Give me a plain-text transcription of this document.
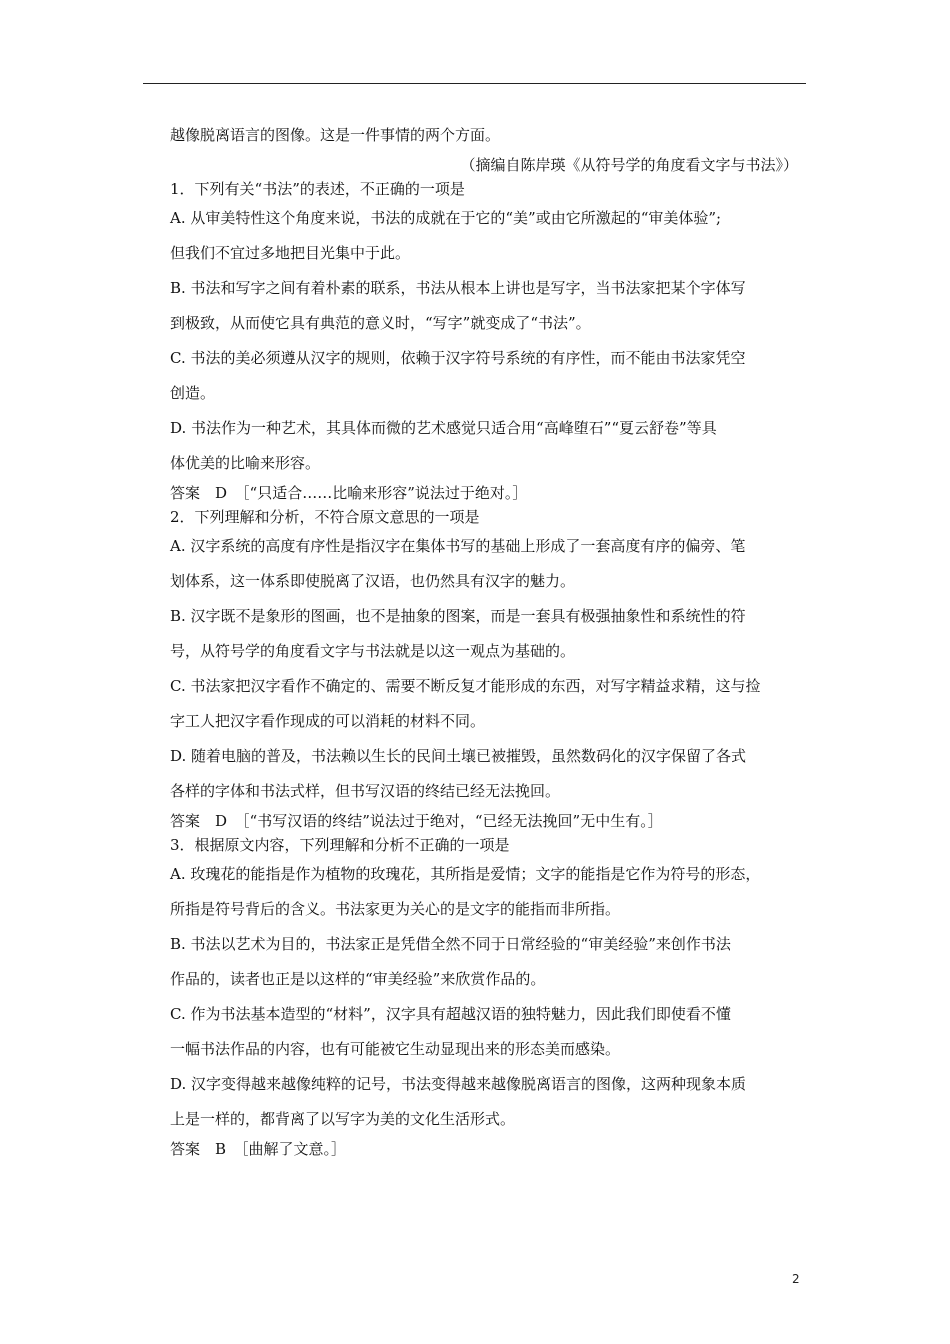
越像脱离语言的图像。这是一件事情的两个方面。
（摘编自陈岸瑛《从符号学的角度看文字与书法》）
1．下列有关“书法”的表述，不正确的一项是
A. 从审美特性这个角度来说，书法的成就在于它的“美”或由它所激起的“审美体验”;
但我们不宜过多地把目光集中于此。
B. 书法和写字之间有着朴素的联系，书法从根本上讲也是写字，当书法家把某个字体写
到极致，从而使它具有典范的意义时，“写字”就变成了“书法”。
C. 书法的美必须遵从汉字的规则，依赖于汉字符号系统的有序性，而不能由书法家凭空
创造。
D. 书法作为一种艺术，其具体而微的艺术感觉只适合用“高峰堕石”“夏云舒卷”等具
体优美的比喻来形容。
答案　D　［“只适合……比喻来形容”说法过于绝对。］
2．下列理解和分析，不符合原文意思的一项是
A. 汉字系统的高度有序性是指汉字在集体书写的基础上形成了一套高度有序的偏旁、笔
划体系，这一体系即使脱离了汉语，也仍然具有汉字的魅力。
B. 汉字既不是象形的图画，也不是抽象的图案，而是一套具有极强抽象性和系统性的符
号，从符号学的角度看文字与书法就是以这一观点为基础的。
C. 书法家把汉字看作不确定的、需要不断反复才能形成的东西，对写字精益求精，这与捡
字工人把汉字看作现成的可以消耗的材料不同。
D. 随着电脑的普及，书法赖以生长的民间土壤已被摧毁，虽然数码化的汉字保留了各式
各样的字体和书法式样，但书写汉语的终结已经无法挽回。
答案　D　［“书写汉语的终结”说法过于绝对，“已经无法挽回”无中生有。］
3．根据原文内容，下列理解和分析不正确的一项是
A. 玫瑰花的能指是作为植物的玫瑰花，其所指是爱情；文字的能指是它作为符号的形态，
所指是符号背后的含义。书法家更为关心的是文字的能指而非所指。
B. 书法以艺术为目的，书法家正是凭借全然不同于日常经验的“审美经验”来创作书法
作品的，读者也正是以这样的“审美经验”来欣赏作品的。
C. 作为书法基本造型的“材料”，汉字具有超越汉语的独特魅力，因此我们即使看不懂
一幅书法作品的内容，也有可能被它生动显现出来的形态美而感染。
D. 汉字变得越来越像纯粹的记号，书法变得越来越像脱离语言的图像，这两种现象本质
上是一样的，都背离了以写字为美的文化生活形式。
答案　B　［曲解了文意。］
2
